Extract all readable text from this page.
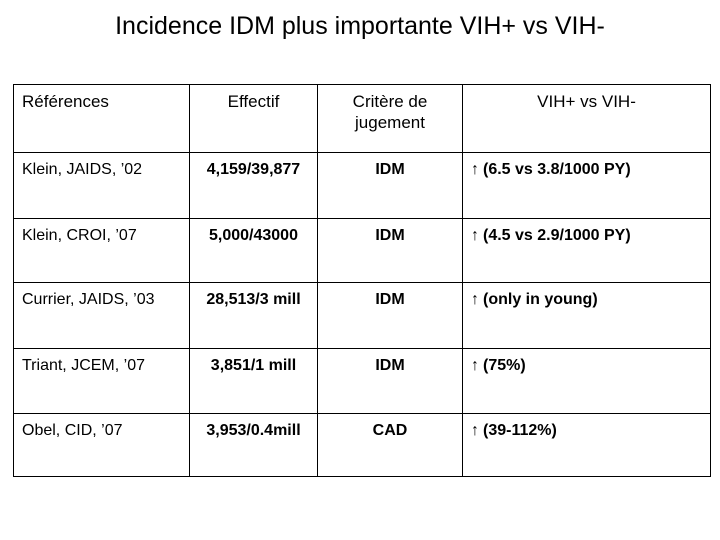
Incidence IDM plus importante VIH+ vs VIH-
Références	Effectif	Critère de jugement	VIH+ vs VIH-
Klein, JAIDS, ’02	4,159/39,877	IDM	↑ (6.5 vs 3.8/1000 PY)
Klein, CROI, ’07	5,000/43000	IDM	↑ (4.5 vs 2.9/1000 PY)
Currier, JAIDS, ’03	28,513/3 mill	IDM	↑ (only in young)
Triant, JCEM, ’07	3,851/1 mill	IDM	↑ (75%)
Obel, CID, ’07	3,953/0.4mill	CAD	↑ (39-112%)
